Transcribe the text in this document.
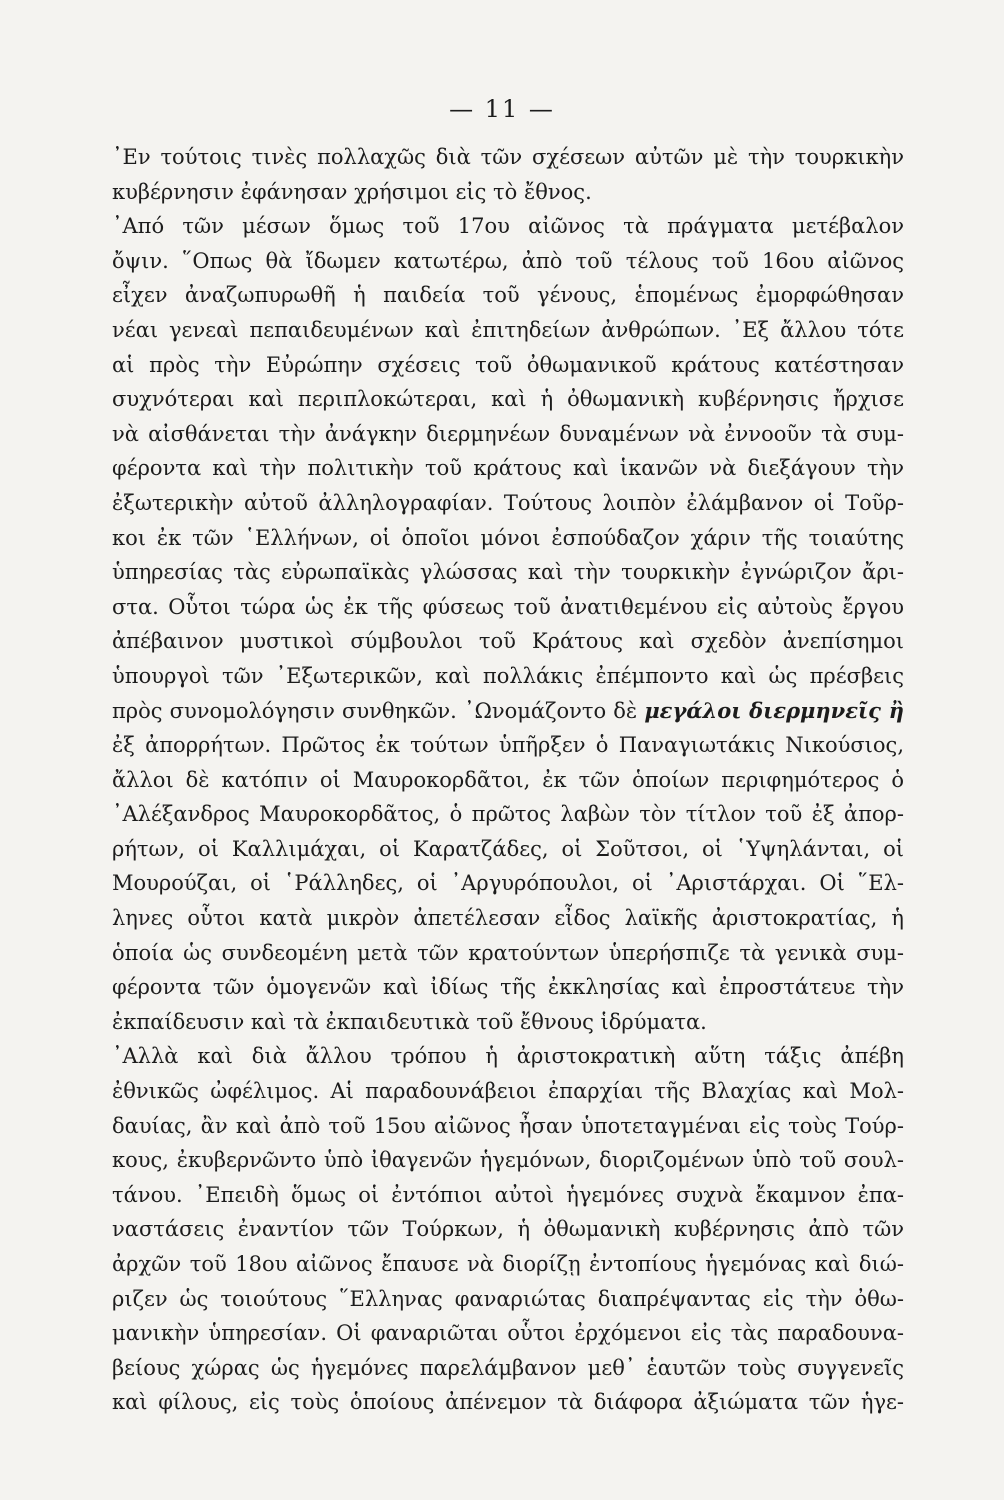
— 11 —
᾿Εν τούτοις τινὲς πολλαχῶς διὰ τῶν σχέσεων αὐτῶν μὲ τὴν τουρκικὴν
κυβέρνησιν ἐφάνησαν χρήσιμοι εἰς τὸ ἔθνος.
᾿Από τῶν μέσων ὅμως τοῦ 17ου αἰῶνος τὰ πράγματα μετέβαλον
ὄψιν. ῞Οπως θὰ ἴδωμεν κατωτέρω, ἀπὸ τοῦ τέλους τοῦ 16ου αἰῶνος
εἶχεν ἀναζωπυρωθῆ ἡ παιδεία τοῦ γένους, ἑπομένως ἐμορφώθησαν
νέαι γενεαὶ πεπαιδευμένων καὶ ἐπιτηδείων ἀνθρώπων. ᾿Εξ ἄλλου τότε
αἱ πρὸς τὴν Εὐρώπην σχέσεις τοῦ ὀθωμανικοῦ κράτους κατέστησαν
συχνότεραι καὶ περιπλοκώτεραι, καὶ ἡ ὀθωμανικὴ κυβέρνησις ἤρχισε
νὰ αἰσθάνεται τὴν ἀνάγκην διερμηνέων δυναμένων νὰ ἐννοοῦν τὰ συμ-
φέροντα καὶ τὴν πολιτικὴν τοῦ κράτους καὶ ἱκανῶν νὰ διεξάγουν τὴν
ἐξωτερικὴν αὐτοῦ ἀλληλογραφίαν. Τούτους λοιπὸν ἐλάμβανον οἱ Τοῦρ-
κοι ἐκ τῶν ῾Ελλήνων, οἱ ὁποῖοι μόνοι ἐσπούδαζον χάριν τῆς τοιαύτης
ὑπηρεσίας τὰς εὐρωπαϊκὰς γλώσσας καὶ τὴν τουρκικὴν ἐγνώριζον ἄρι-
στα. Οὗτοι τώρα ὡς ἐκ τῆς φύσεως τοῦ ἀνατιθεμένου εἰς αὐτοὺς ἔργου
ἀπέβαινον μυστικοὶ σύμβουλοι τοῦ Κράτους καὶ σχεδὸν ἀνεπίσημοι
ὑπουργοὶ τῶν ᾿Εξωτερικῶν, καὶ πολλάκις ἐπέμποντο καὶ ὡς πρέσβεις
πρὸς συνομολόγησιν συνθηκῶν. ᾿Ωνομάζοντο δὲ μεγάλοι διερμηνεῖς ἢ
ἐξ ἀπορρήτων. Πρῶτος ἐκ τούτων ὑπῆρξεν ὁ Παναγιωτάκις Νικούσιος,
ἄλλοι δὲ κατόπιν οἱ Μαυροκορδᾶτοι, ἐκ τῶν ὁποίων περιφημότερος ὁ
᾿Αλέξανδρος Μαυροκορδᾶτος, ὁ πρῶτος λαβὼν τὸν τίτλον τοῦ ἐξ ἀπορ-
ρήτων, οἱ Καλλιμάχαι, οἱ Καρατζάδες, οἱ Σοῦτσοι, οἱ ῾Υψηλάνται, οἱ
Μουρούζαι, οἱ ῾Ράλληδες, οἱ ᾿Αργυρόπουλοι, οἱ ᾿Αριστάρχαι. Οἱ ῞Ελ-
ληνες οὗτοι κατὰ μικρὸν ἀπετέλεσαν εἶδος λαϊκῆς ἀριστοκρατίας, ἡ
ὁποία ὡς συνδεομένη μετὰ τῶν κρατούντων ὑπερήσπιζε τὰ γενικὰ συμ-
φέροντα τῶν ὁμογενῶν καὶ ἰδίως τῆς ἐκκλησίας καὶ ἐπροστάτευε τὴν
ἐκπαίδευσιν καὶ τὰ ἐκπαιδευτικὰ τοῦ ἔθνους ἱδρύματα.
᾿Αλλὰ καὶ διὰ ἄλλου τρόπου ἡ ἀριστοκρατικὴ αὕτη τάξις ἀπέβη
ἐθνικῶς ὠφέλιμος. Αἱ παραδουνάβειοι ἐπαρχίαι τῆς Βλαχίας καὶ Μολ-
δαυίας, ἂν καὶ ἀπὸ τοῦ 15ου αἰῶνος ἦσαν ὑποτεταγμέναι εἰς τοὺς Τούρ-
κους, ἐκυβερνῶντο ὑπὸ ἰθαγενῶν ἡγεμόνων, διοριζομένων ὑπὸ τοῦ σουλ-
τάνου. ᾿Επειδὴ ὅμως οἱ ἐντόπιοι αὐτοὶ ἡγεμόνες συχνὰ ἔκαμνον ἐπα-
ναστάσεις ἐναντίον τῶν Τούρκων, ἡ ὀθωμανικὴ κυβέρνησις ἀπὸ τῶν
ἀρχῶν τοῦ 18ου αἰῶνος ἔπαυσε νὰ διορίζῃ ἐντοπίους ἡγεμόνας καὶ διώ-
ριζεν ὡς τοιούτους ῞Ελληνας φαναριώτας διαπρέψαντας εἰς τὴν ὀθω-
μανικὴν ὑπηρεσίαν. Οἱ φαναριῶται οὗτοι ἐρχόμενοι εἰς τὰς παραδουνα-
βείους χώρας ὡς ἡγεμόνες παρελάμβανον μεθ᾿ ἑαυτῶν τοὺς συγγενεῖς
καὶ φίλους, εἰς τοὺς ὁποίους ἀπένεμον τὰ διάφορα ἀξιώματα τῶν ἡγε-
